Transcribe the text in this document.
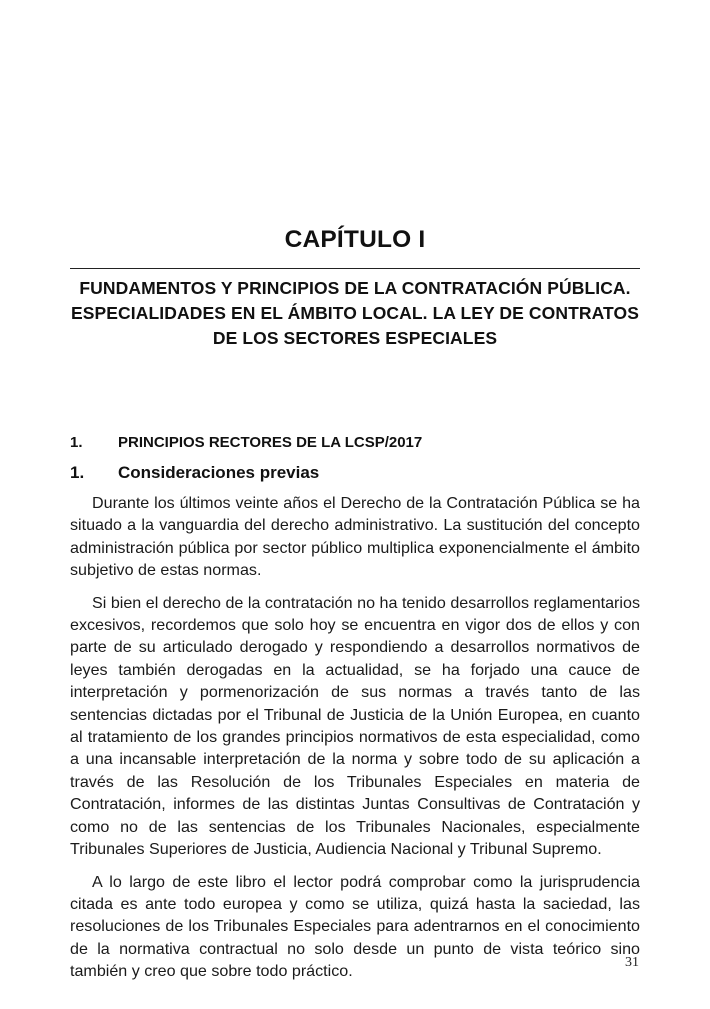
CAPÍTULO I
FUNDAMENTOS Y PRINCIPIOS DE LA CONTRATACIÓN PÚBLICA. ESPECIALIDADES EN EL ÁMBITO LOCAL. LA LEY DE CONTRATOS DE LOS SECTORES ESPECIALES
1.	PRINCIPIOS RECTORES DE LA LCSP/2017
1.	Consideraciones previas

Durante los últimos veinte años el Derecho de la Contratación Pública se ha situado a la vanguardia del derecho administrativo. La sustitución del concepto administración pública por sector público multiplica exponencialmente el ámbito subjetivo de estas normas.

Si bien el derecho de la contratación no ha tenido desarrollos reglamentarios excesivos, recordemos que solo hoy se encuentra en vigor dos de ellos y con parte de su articulado derogado y respondiendo a desarrollos normativos de leyes también derogadas en la actualidad, se ha forjado una cauce de interpretación y pormenorización de sus normas a través tanto de las sentencias dictadas por el Tribunal de Justicia de la Unión Europea, en cuanto al tratamiento de los grandes principios normativos de esta especialidad, como a una incansable interpretación de la norma y sobre todo de su aplicación a través de las Resolución de los Tribunales Especiales en materia de Contratación, informes de las distintas Juntas Consultivas de Contratación y como no de las sentencias de los Tribunales Nacionales, especialmente Tribunales Superiores de Justicia, Audiencia Nacional y Tribunal Supremo.

A lo largo de este libro el lector podrá comprobar como la jurisprudencia citada es ante todo europea y como se utiliza, quizá hasta la saciedad, las resoluciones de los Tribunales Especiales para adentrarnos en el conocimiento de la normativa contractual no solo desde un punto de vista teórico sino también y creo que sobre todo práctico.	31
